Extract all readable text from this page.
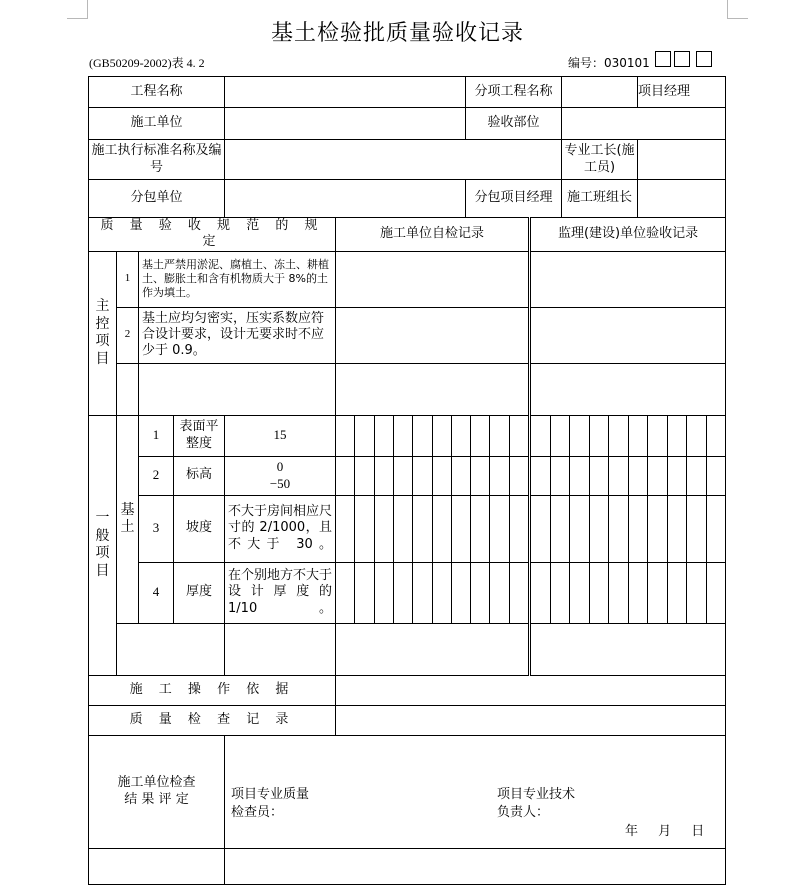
基土检验批质量验收记录
(GB50209-2002)表 4. 2	编号：030101
工程名称						分项工程名称			项目经理
施工单位						验收部位			
施工执行标准名称及编号								专业工长(施工员)	
分包单位						分包项目经理		施工班组长	
质 量 验 收 规 范 的 规 定					施工单位自检记录		监理(建设)单位验收记录		
主控项目	1	基土严禁用淤泥、腐植土、冻土、耕植土、膨胀土和含有机物质大于 8%的土作为填土。							
	2	基土应均匀密实，压实系数应符合设计要求，设计无要求时不应少于 0.9。							

一般项目	基土	1	表面平整度	15				

		2	标高	0
−50					

		3	坡度	不大于房间相应尺寸的 2/1000，且不大于 30。				

		4	厚度	在个别地方不大于设计厚度的 1/10。				

施 工 操 作 依 据									
质 量 检 查 记 录									
施工单位检查结 果 评 定				项目专业质量检查员：
项目专业技术负责人：
年 月 日					
